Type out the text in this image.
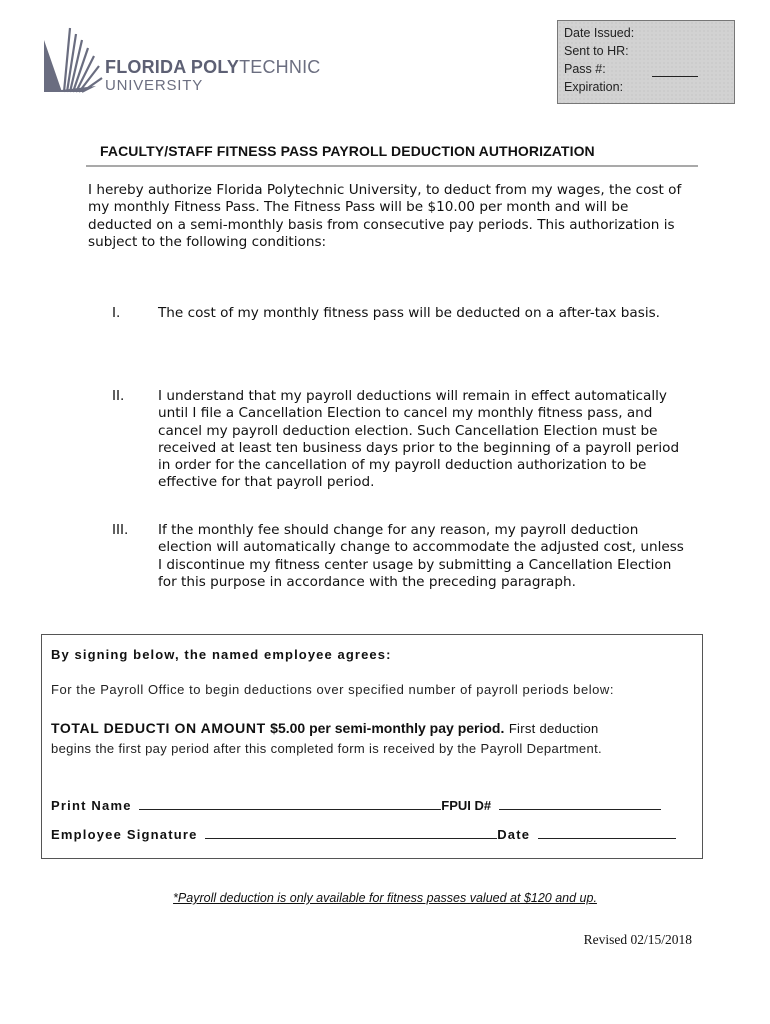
FLORIDA POLYTECHNIC
UNIVERSITY
Date Issued:
Sent to HR:
Pass #:
Expiration:
FACULTY/STAFF FITNESS PASS PAYROLL DEDUCTION AUTHORIZATION
I hereby authorize Florida Polytechnic University, to deduct from my wages, the cost of my monthly Fitness Pass. The Fitness Pass will be $10.00 per month and will be deducted on a semi-monthly basis from consecutive pay periods. This authorization is subject to the following conditions:
I.	The cost of my monthly fitness pass will be deducted on a after-tax basis.
II. I understand that my payroll deductions will remain in effect automatically until I file a Cancellation Election to cancel my monthly fitness pass, and cancel my payroll deduction election. Such Cancellation Election must be received at least ten business days prior to the beginning of a payroll period in order for the cancellation of my payroll deduction authorization to be effective for that payroll period.
III. If the monthly fee should change for any reason, my payroll deduction election will automatically change to accommodate the adjusted cost, unless I discontinue my fitness center usage by submitting a Cancellation Election for this purpose in accordance with the preceding paragraph.
By signing below, the named employee agrees:
For the Payroll Office to begin deductions over specified number of payroll periods below:
TOTAL DEDUCTI ON AMOUNT $5.00 per semi-monthly pay period. First deduction
begins the first pay period after this completed form is received by the Payroll Department.
Print Name	FPUI D#
Employee Signature	Date
*Payroll deduction is only available for fitness passes valued at $120 and up.
Revised 02/15/2018
